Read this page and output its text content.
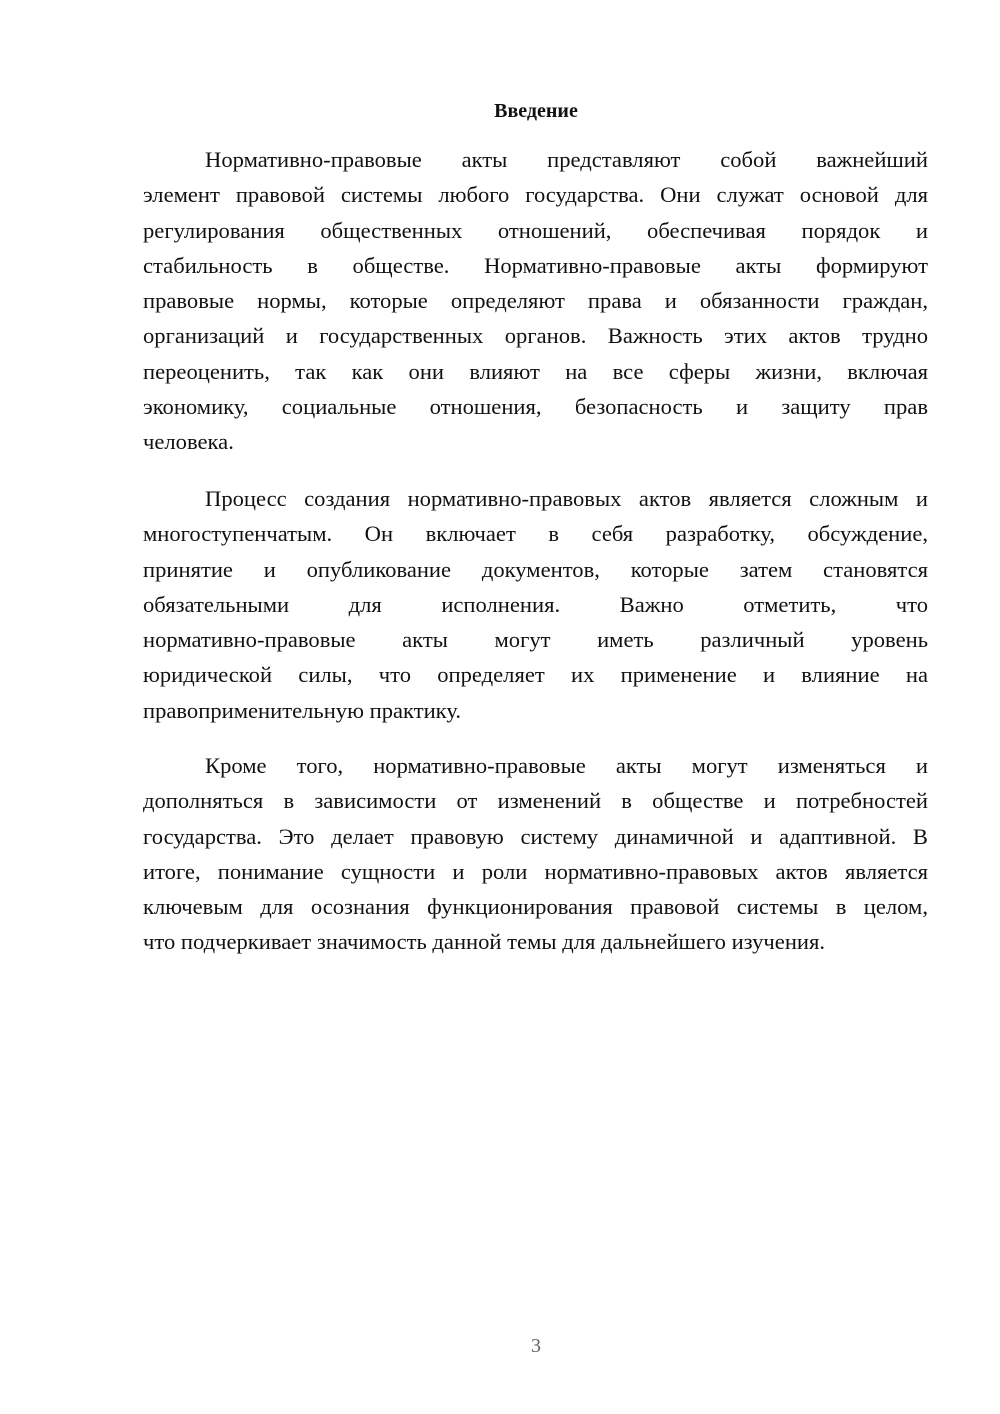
Введение
Нормативно-правовые акты представляют собой важнейший
элемент правовой системы любого государства. Они служат основой для
регулирования общественных отношений, обеспечивая порядок и
стабильность в обществе. Нормативно-правовые акты формируют
правовые нормы, которые определяют права и обязанности граждан,
организаций и государственных органов. Важность этих актов трудно
переоценить, так как они влияют на все сферы жизни, включая
экономику, социальные отношения, безопасность и защиту прав
человека.
Процесс создания нормативно-правовых актов является сложным и
многоступенчатым. Он включает в себя разработку, обсуждение,
принятие и опубликование документов, которые затем становятся
обязательными для исполнения. Важно отметить, что
нормативно-правовые акты могут иметь различный уровень
юридической силы, что определяет их применение и влияние на
правоприменительную практику.
Кроме того, нормативно-правовые акты могут изменяться и
дополняться в зависимости от изменений в обществе и потребностей
государства. Это делает правовую систему динамичной и адаптивной. В
итоге, понимание сущности и роли нормативно-правовых актов является
ключевым для осознания функционирования правовой системы в целом,
что подчеркивает значимость данной темы для дальнейшего изучения.
3
